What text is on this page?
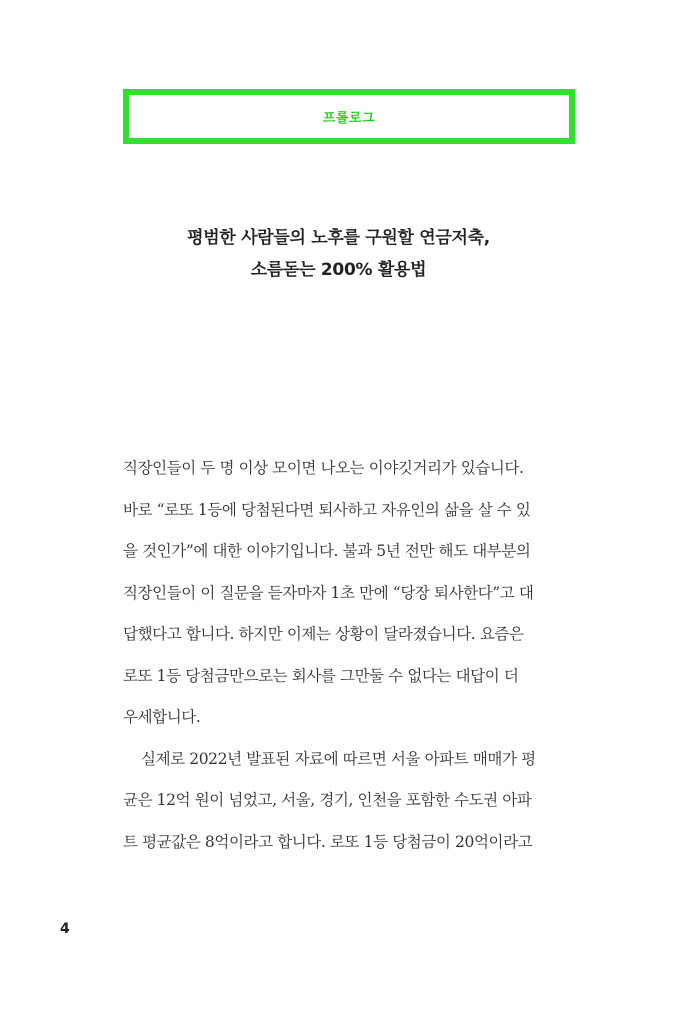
프롤로그
평범한 사람들의 노후를 구원할 연금저축,
소름돋는 200% 활용법
직장인들이 두 명 이상 모이면 나오는 이야깃거리가 있습니다.
바로 “로또 1등에 당첨된다면 퇴사하고 자유인의 삶을 살 수 있
을 것인가”에 대한 이야기입니다. 불과 5년 전만 해도 대부분의
직장인들이 이 질문을 듣자마자 1초 만에 “당장 퇴사한다”고 대
답했다고 합니다. 하지만 이제는 상황이 달라졌습니다. 요즘은
로또 1등 당첨금만으로는 회사를 그만둘 수 없다는 대답이 더
우세합니다.
실제로 2022년 발표된 자료에 따르면 서울 아파트 매매가 평
균은 12억 원이 넘었고, 서울, 경기, 인천을 포함한 수도권 아파
트 평균값은 8억이라고 합니다. 로또 1등 당첨금이 20억이라고
4
